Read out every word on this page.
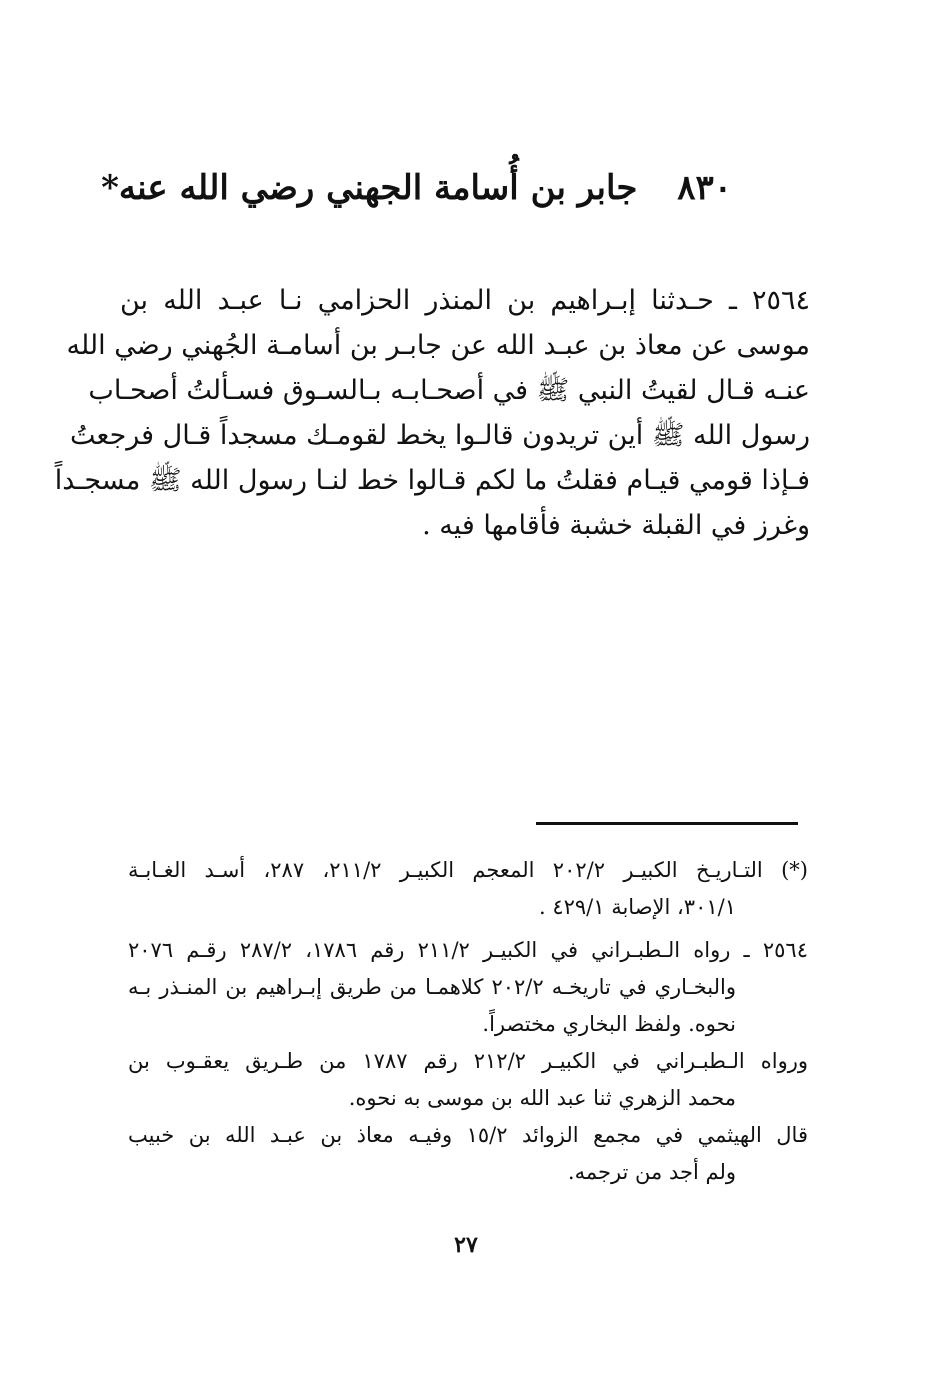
٨٣٠ جابر بن أُسامة الجهني رضي الله عنه*
٢٥٦٤ ـ حـدثنا إبـراهيم بن المنذر الحزامي نـا عبـد الله بن
موسى عن معاذ بن عبـد الله عن جابـر بن أسامـة الجُهني رضي الله
عنـه قـال لقيتُ النبي ﷺ في أصحـابـه بـالسـوق فسـألتُ أصحـاب
رسول الله ﷺ أين تريدون قالـوا يخط لقومـك مسجداً قـال فرجعتُ
فـإذا قومي قيـام فقلتُ ما لكم قـالوا خط لنـا رسول الله ﷺ مسجـداً
وغرز في القبلة خشبة فأقامها فيه .
(*) التـاريـخ الكبيـر ٢٠٢/٢ المعجم الكبيـر ٢١١/٢، ٢٨٧، أسـد الغـابـة
٣٠١/١، الإصابة ٤٢٩/١ .
٢٥٦٤ ـ رواه الـطبـراني في الكبيـر ٢١١/٢ رقم ١٧٨٦، ٢٨٧/٢ رقـم ٢٠٧٦
والبخـاري في تاريخـه ٢٠٢/٢ كلاهمـا من طريق إبـراهيم بن المنـذر بـه
نحوه. ولفظ البخاري مختصراً.
ورواه الـطبـراني في الكبيـر ٢١٢/٢ رقم ١٧٨٧ من طـريق يعقـوب بن
محمد الزهري ثنا عبد الله بن موسى به نحوه.
قال الهيثمي في مجمع الزوائد ١٥/٢ وفيـه معاذ بن عبـد الله بن خبيب
ولم أجد من ترجمه.
٢٧
